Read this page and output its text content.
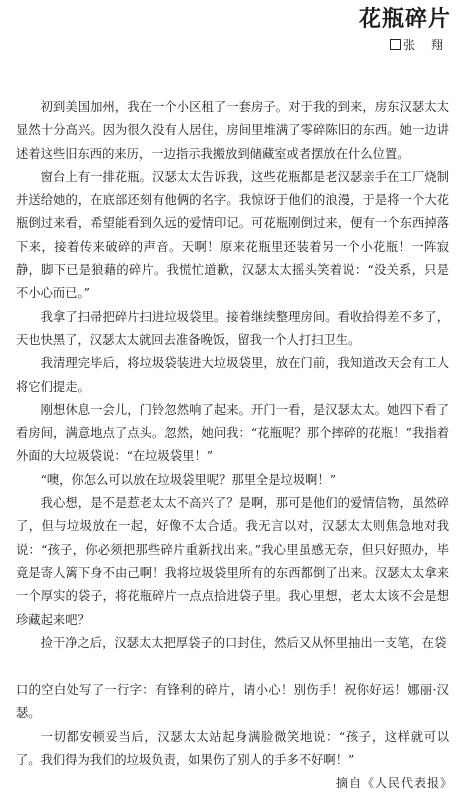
花瓶碎片
张 翔

初到美国加州，我在一个小区租了一套房子。对于我的到来，房东汉瑟太太显然十分高兴。因为很久没有人居住，房间里堆满了零碎陈旧的东西。她一边讲述着这些旧东西的来历，一边指示我搬放到储藏室或者摆放在什么位置。

窗台上有一排花瓶。汉瑟太太告诉我，这些花瓶都是老汉瑟亲手在工厂烧制并送给她的，在底部还刻有他俩的名字。我惊讶于他们的浪漫，于是将一个大花瓶倒过来看，希望能看到久远的爱情印记。可花瓶刚倒过来，便有一个东西掉落下来，接着传来破碎的声音。天啊！原来花瓶里还装着另一个小花瓶！一阵寂静，脚下已是狼藉的碎片。我慌忙道歉，汉瑟太太摇头笑着说：“没关系，只是不小心而已。”

我拿了扫帚把碎片扫进垃圾袋里。接着继续整理房间。看收拾得差不多了，天也快黑了，汉瑟太太就回去准备晚饭，留我一个人打扫卫生。

我清理完毕后，将垃圾袋装进大垃圾袋里，放在门前，我知道改天会有工人将它们提走。

刚想休息一会儿，门铃忽然响了起来。开门一看，是汉瑟太太。她四下看了看房间，满意地点了点头。忽然，她问我：“花瓶呢？那个摔碎的花瓶！”我指着外面的大垃圾袋说：“在垃圾袋里！”

“噢，你怎么可以放在垃圾袋里呢？那里全是垃圾啊！”

我心想，是不是惹老太太不高兴了？是啊，那可是他们的爱情信物，虽然碎了，但与垃圾放在一起，好像不太合适。我无言以对，汉瑟太太则焦急地对我说：“孩子，你必须把那些碎片重新找出来。”我心里虽感无奈，但只好照办，毕竟是寄人篱下身不由己啊！我将垃圾袋里所有的东西都倒了出来。汉瑟太太拿来一个厚实的袋子，将花瓶碎片一点点拾进袋子里。我心里想，老太太该不会是想珍藏起来吧？

捡干净之后，汉瑟太太把厚袋子的口封住，然后又从怀里抽出一支笔，在袋

口的空白处写了一行字：有锋利的碎片，请小心！别伤手！祝你好运！娜丽·汉瑟。

一切都安顿妥当后，汉瑟太太站起身满脸微笑地说：“孩子，这样就可以了。我们得为我们的垃圾负责，如果伤了别人的手多不好啊！”

摘自《人民代表报》
